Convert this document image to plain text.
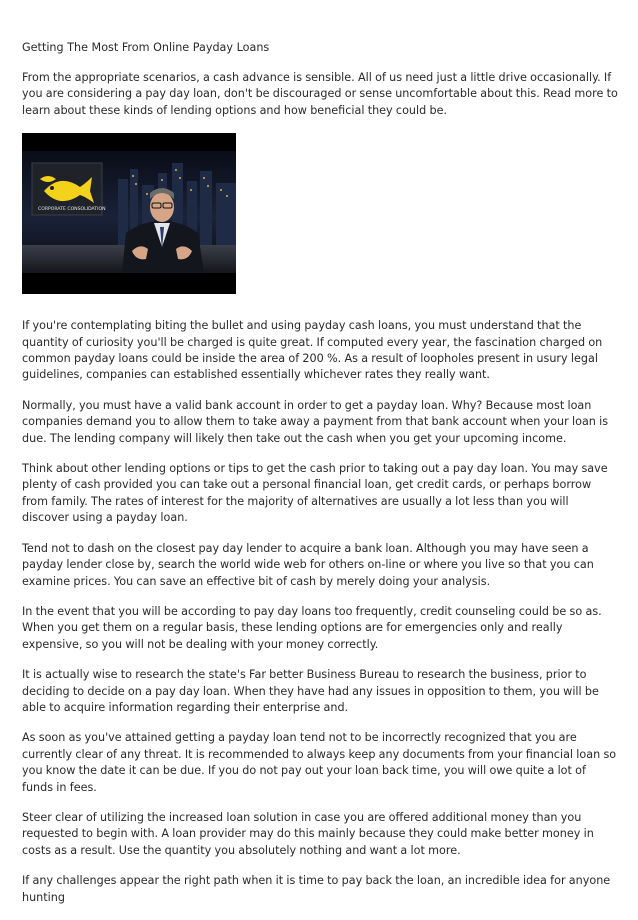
Getting The Most From Online Payday Loans

From the appropriate scenarios, a cash advance is sensible. All of us need just a little drive occasionally. If you are considering a pay day loan, don't be discouraged or sense uncomfortable about this. Read more to learn about these kinds of lending options and how beneficial they could be.

CORPORATE CONSOLIDATION

If you're contemplating biting the bullet and using payday cash loans, you must understand that the quantity of curiosity you'll be charged is quite great. If computed every year, the fascination charged on common payday loans could be inside the area of 200 %. As a result of loopholes present in usury legal guidelines, companies can established essentially whichever rates they really want.

Normally, you must have a valid bank account in order to get a payday loan. Why? Because most loan companies demand you to allow them to take away a payment from that bank account when your loan is due. The lending company will likely then take out the cash when you get your upcoming income.

Think about other lending options or tips to get the cash prior to taking out a pay day loan. You may save plenty of cash provided you can take out a personal financial loan, get credit cards, or perhaps borrow from family. The rates of interest for the majority of alternatives are usually a lot less than you will discover using a payday loan.

Tend not to dash on the closest pay day lender to acquire a bank loan. Although you may have seen a payday lender close by, search the world wide web for others on-line or where you live so that you can examine prices. You can save an effective bit of cash by merely doing your analysis.

In the event that you will be according to pay day loans too frequently, credit counseling could be so as. When you get them on a regular basis, these lending options are for emergencies only and really expensive, so you will not be dealing with your money correctly.

It is actually wise to research the state's Far better Business Bureau to research the business, prior to deciding to decide on a pay day loan. When they have had any issues in opposition to them, you will be able to acquire information regarding their enterprise and.

As soon as you've attained getting a payday loan tend not to be incorrectly recognized that you are currently clear of any threat. It is recommended to always keep any documents from your financial loan so you know the date it can be due. If you do not pay out your loan back time, you will owe quite a lot of funds in fees.

Steer clear of utilizing the increased loan solution in case you are offered additional money than you requested to begin with. A loan provider may do this mainly because they could make better money in costs as a result. Use the quantity you absolutely nothing and want a lot more.

If any challenges appear the right path when it is time to pay back the loan, an incredible idea for anyone hunting
